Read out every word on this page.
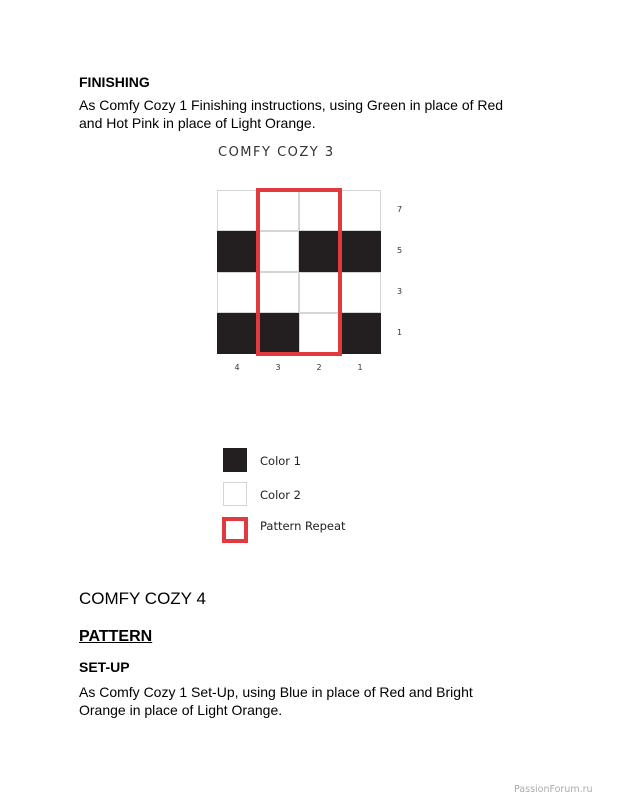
FINISHING
As Comfy Cozy 1 Finishing instructions, using Green in place of Red
and Hot Pink in place of Light Orange.
COMFY COZY 3
7
5
3
1
4	3	2	1
Color 1
Color 2
Pattern Repeat
COMFY COZY 4
PATTERN
SET-UP
As Comfy Cozy 1 Set-Up, using Blue in place of Red and Bright
Orange in place of Light Orange.
PassionForum.ru
